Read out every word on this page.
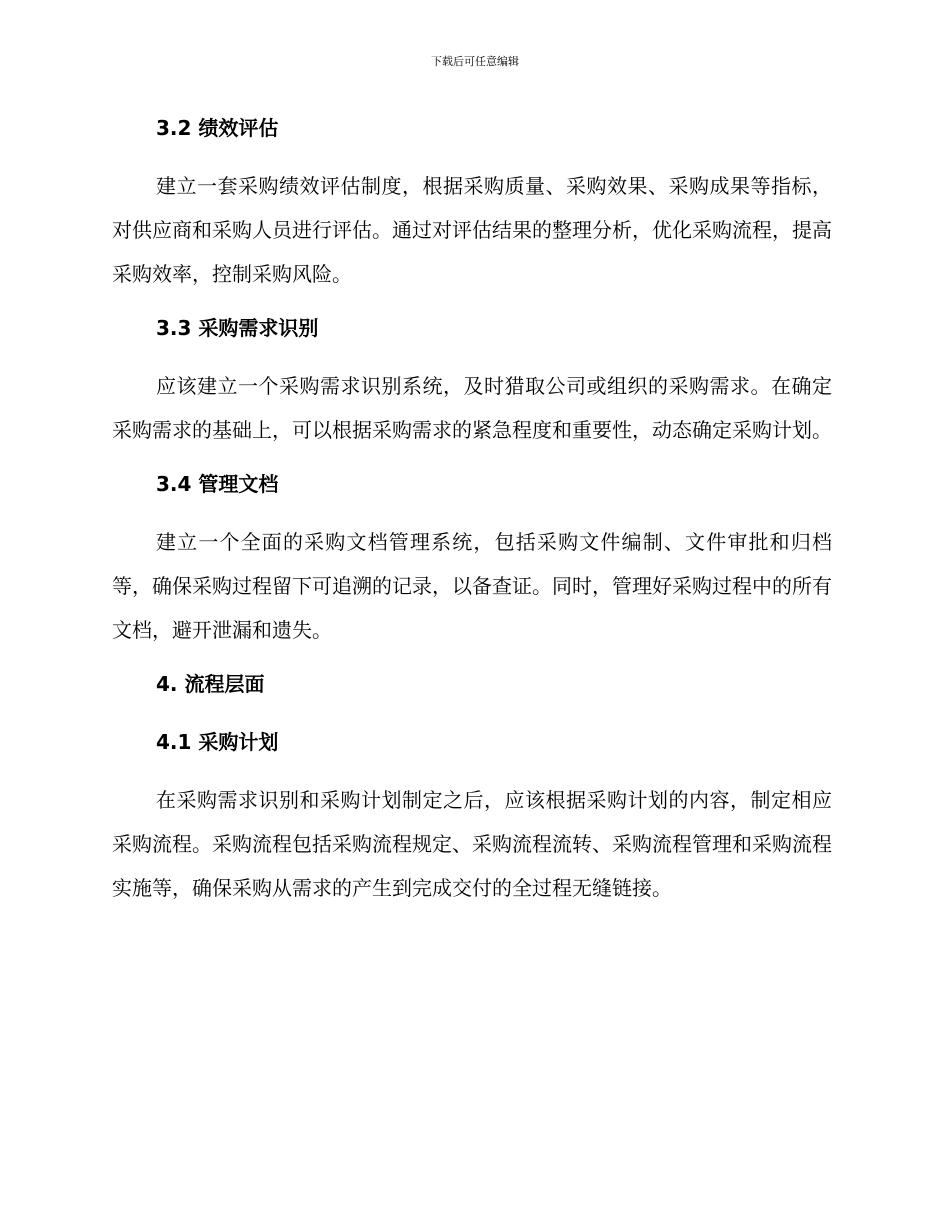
下载后可任意编辑
3.2 绩效评估

建立一套采购绩效评估制度，根据采购质量、采购效果、采购成果等指标，对供应商和采购人员进行评估。通过对评估结果的整理分析，优化采购流程，提高采购效率，控制采购风险。

3.3 采购需求识别

应该建立一个采购需求识别系统，及时猎取公司或组织的采购需求。在确定采购需求的基础上，可以根据采购需求的紧急程度和重要性，动态确定采购计划。

3.4 管理文档

建立一个全面的采购文档管理系统，包括采购文件编制、文件审批和归档等，确保采购过程留下可追溯的记录，以备查证。同时，管理好采购过程中的所有文档，避开泄漏和遗失。

4. 流程层面
4.1 采购计划

在采购需求识别和采购计划制定之后，应该根据采购计划的内容，制定相应采购流程。采购流程包括采购流程规定、采购流程流转、采购流程管理和采购流程实施等，确保采购从需求的产生到完成交付的全过程无缝链接。
